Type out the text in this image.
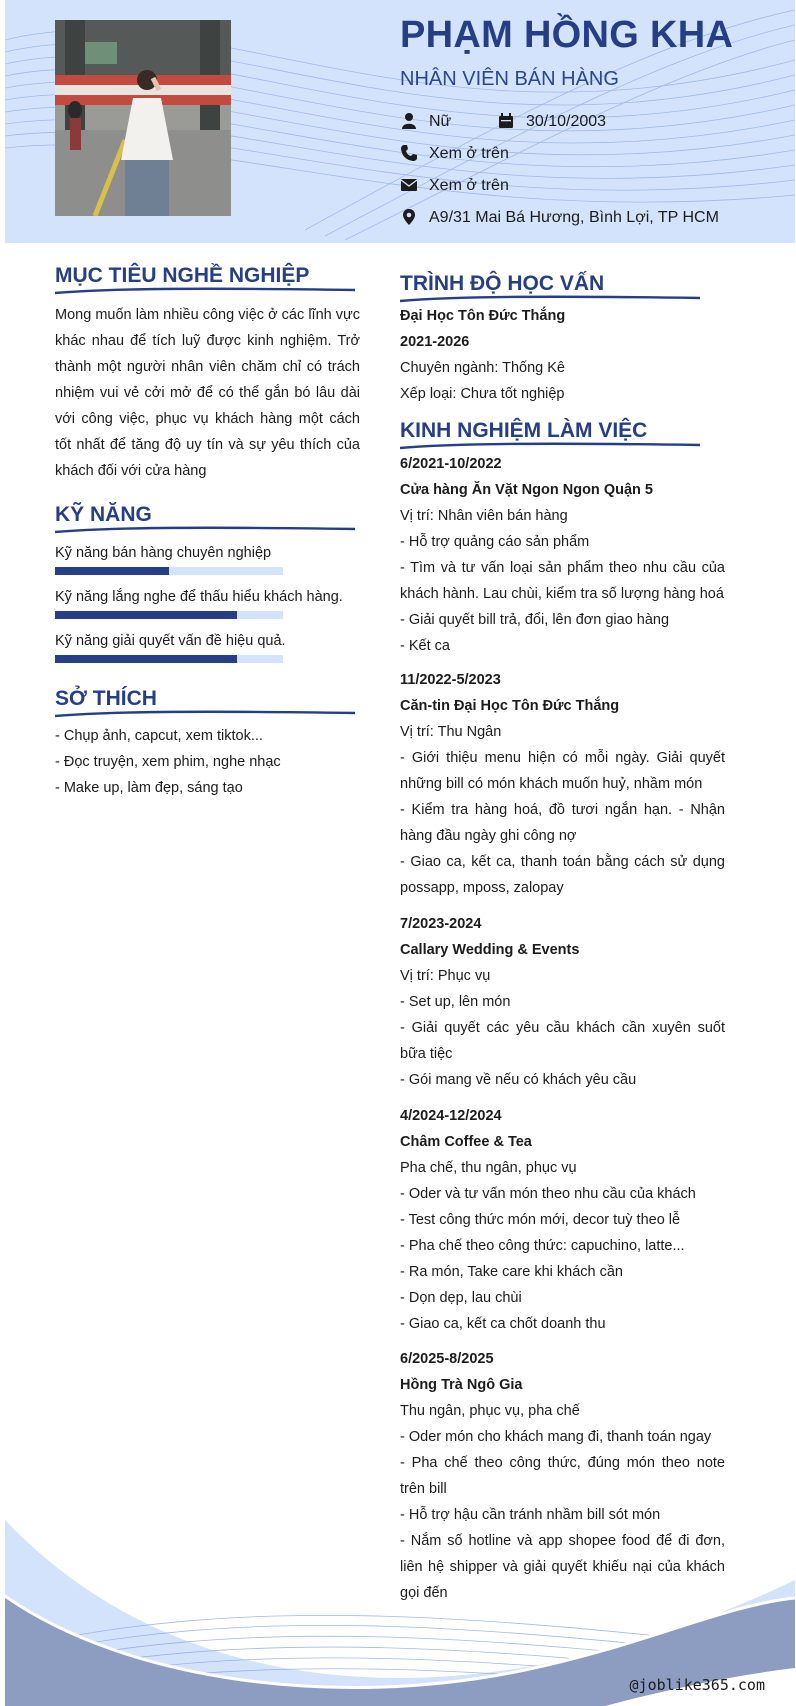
PHẠM HỒNG KHA
NHÂN VIÊN BÁN HÀNG
Nữ	30/10/2003
Xem ở trên
Xem ở trên
A9/31 Mai Bá Hương, Bình Lợi, TP HCM
MỤC TIÊU NGHỀ NGHIỆP
Mong muốn làm nhiều công việc ở các lĩnh vực khác nhau để tích luỹ được kinh nghiệm. Trở thành một người nhân viên chăm chỉ có trách nhiệm vui vẻ cởi mở để có thể gắn bó lâu dài với công việc, phục vụ khách hàng một cách tốt nhất để tăng độ uy tín và sự yêu thích của khách đối với cửa hàng
KỸ NĂNG
Kỹ năng bán hàng chuyên nghiệp
Kỹ năng lắng nghe để thấu hiểu khách hàng.
Kỹ năng giải quyết vấn đề hiệu quả.
SỞ THÍCH
- Chụp ảnh, capcut, xem tiktok...
- Đọc truyện, xem phim, nghe nhạc
- Make up, làm đẹp, sáng tạo
TRÌNH ĐỘ HỌC VẤN
Đại Học Tôn Đức Thắng
2021-2026
Chuyên ngành: Thống Kê
Xếp loại: Chưa tốt nghiệp
KINH NGHIỆM LÀM VIỆC
6/2021-10/2022
Cửa hàng Ăn Vặt Ngon Ngon Quận 5
Vị trí: Nhân viên bán hàng
- Hỗ trợ quảng cáo sản phẩm
- Tìm và tư vấn loại sản phẩm theo nhu cầu của khách hành. Lau chùi, kiểm tra số lượng hàng hoá
- Giải quyết bill trả, đổi, lên đơn giao hàng
- Kết ca
11/2022-5/2023
Căn-tin Đại Học Tôn Đức Thắng
Vị trí: Thu Ngân
- Giới thiệu menu hiện có mỗi ngày. Giải quyết những bill có món khách muốn huỷ, nhầm món
- Kiểm tra hàng hoá, đồ tươi ngắn hạn. - Nhận hàng đầu ngày ghi công nợ
- Giao ca, kết ca, thanh toán bằng cách sử dụng possapp, mposs, zalopay
7/2023-2024
Callary Wedding & Events
Vị trí: Phục vụ
- Set up, lên món
- Giải quyết các yêu cầu khách cần xuyên suốt bữa tiệc
- Gói mang về nếu có khách yêu cầu
4/2024-12/2024
Châm Coffee & Tea
Pha chế, thu ngân, phục vụ
- Oder và tư vấn món theo nhu cầu của khách
- Test công thức món mới, decor tuỳ theo lễ
- Pha chế theo công thức: capuchino, latte...
- Ra món, Take care khi khách cần
- Dọn dẹp, lau chùi
- Giao ca, kết ca chốt doanh thu
6/2025-8/2025
Hồng Trà Ngô Gia
Thu ngân, phục vụ, pha chế
- Oder món cho khách mang đi, thanh toán ngay
- Pha chế theo công thức, đúng món theo note trên bill
- Hỗ trợ hậu cần tránh nhầm bill sót món
- Nắm số hotline và app shopee food để đi đơn, liên hệ shipper và giải quyết khiếu nại của khách gọi đến
@joblike365.com
